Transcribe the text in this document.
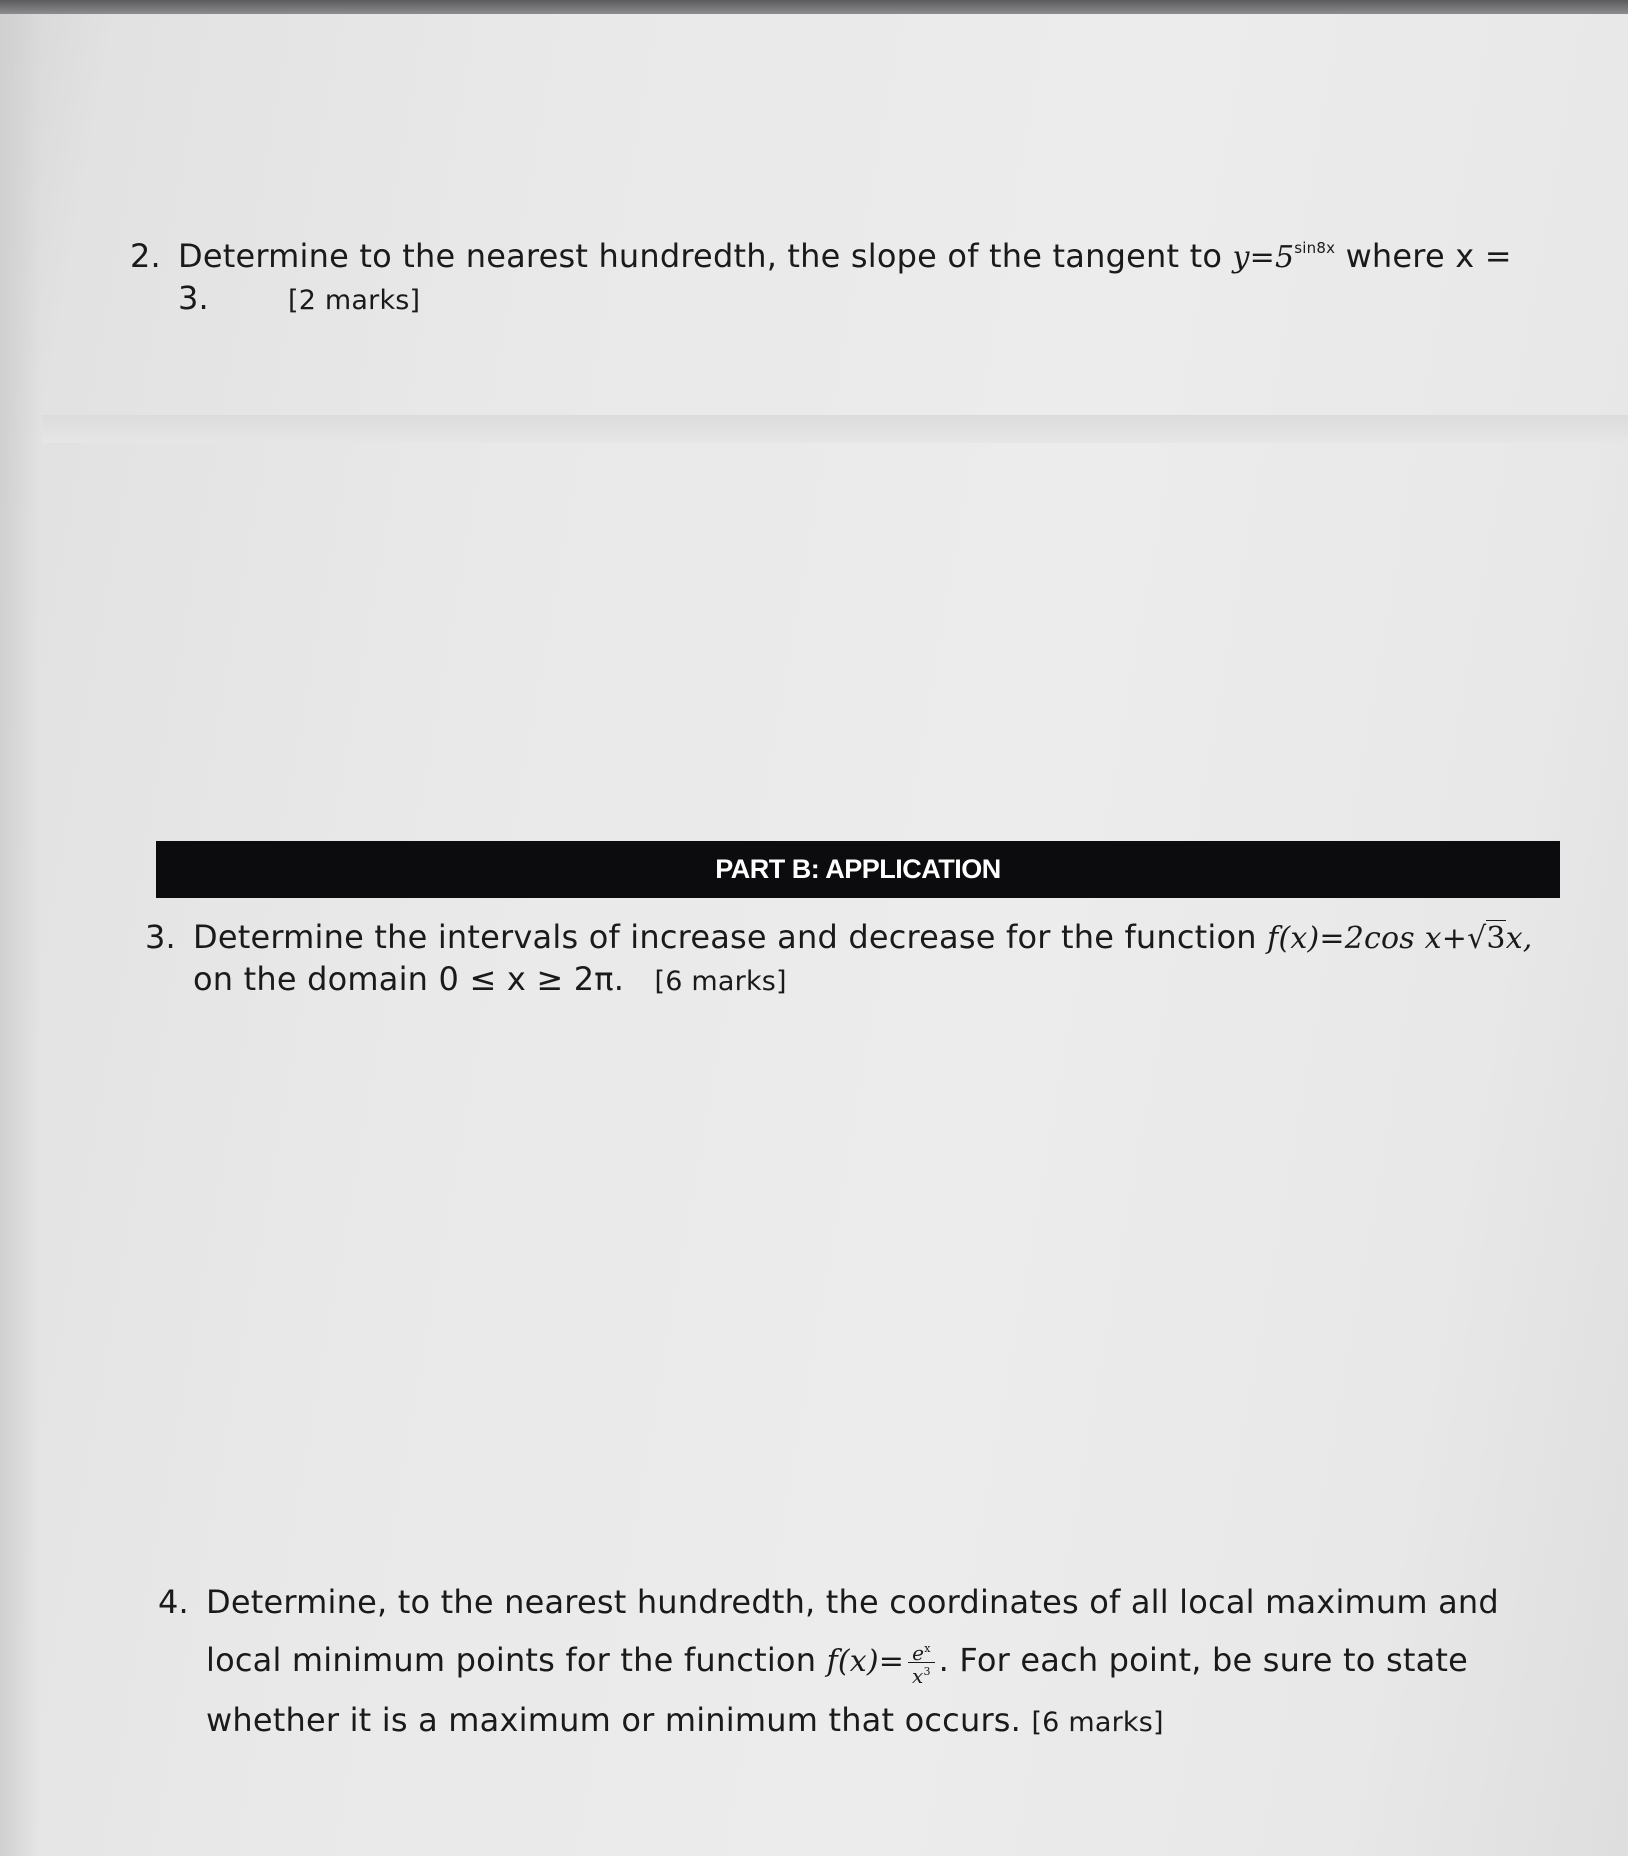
2. Determine to the nearest hundredth, the slope of the tangent to $y=5^{sin8x}$ where x =
3.	[2 marks]
PART B: APPLICATION
3. Determine the intervals of increase and decrease for the function f(x)=2cos x+√3x,
on the domain 0 ≤ x ≥ 2π. [6 marks]
4. Determine, to the nearest hundredth, the coordinates of all local maximum and
local minimum points for the function $f(x)= \frac{e^x}{x^3}$ . For each point, be sure to state
whether it is a maximum or minimum that occurs. [6 marks]
